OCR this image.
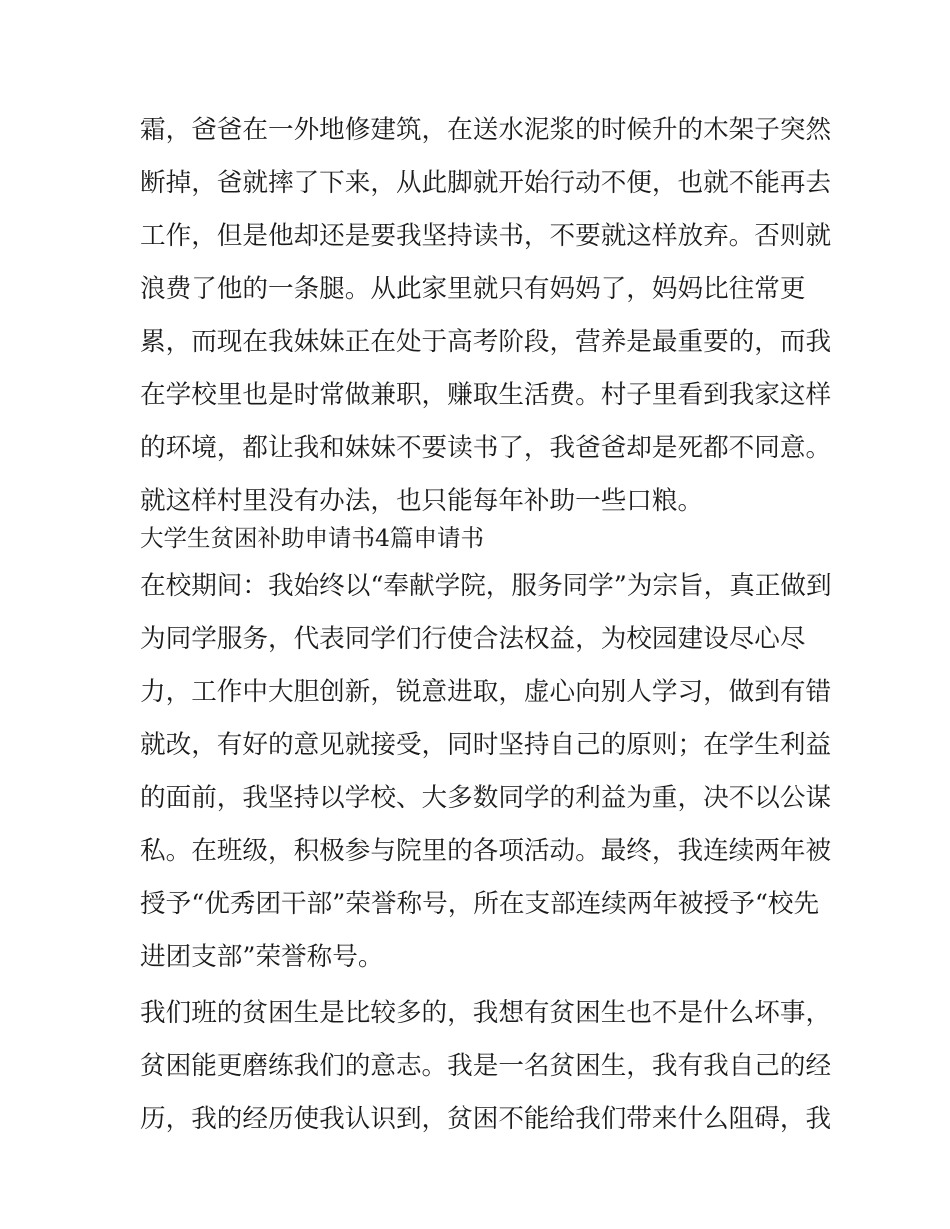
霜，爸爸在一外地修建筑，在送水泥浆的时候升的木架子突然
断掉，爸就摔了下来，从此脚就开始行动不便，也就不能再去
工作，但是他却还是要我坚持读书，不要就这样放弃。否则就
浪费了他的一条腿。从此家里就只有妈妈了，妈妈比往常更
累，而现在我妹妹正在处于高考阶段，营养是最重要的，而我
在学校里也是时常做兼职，赚取生活费。村子里看到我家这样
的环境，都让我和妹妹不要读书了，我爸爸却是死都不同意。
就这样村里没有办法，也只能每年补助一些口粮。
大学生贫困补助申请书4篇申请书
在校期间：我始终以“奉献学院，服务同学”为宗旨，真正做到
为同学服务，代表同学们行使合法权益，为校园建设尽心尽
力，工作中大胆创新，锐意进取，虚心向别人学习，做到有错
就改，有好的意见就接受，同时坚持自己的原则；在学生利益
的面前，我坚持以学校、大多数同学的利益为重，决不以公谋
私。在班级，积极参与院里的各项活动。最终，我连续两年被
授予“优秀团干部”荣誉称号，所在支部连续两年被授予“校先
进团支部”荣誉称号。
我们班的贫困生是比较多的，我想有贫困生也不是什么坏事，
贫困能更磨练我们的意志。我是一名贫困生，我有我自己的经
历，我的经历使我认识到，贫困不能给我们带来什么阻碍，我
